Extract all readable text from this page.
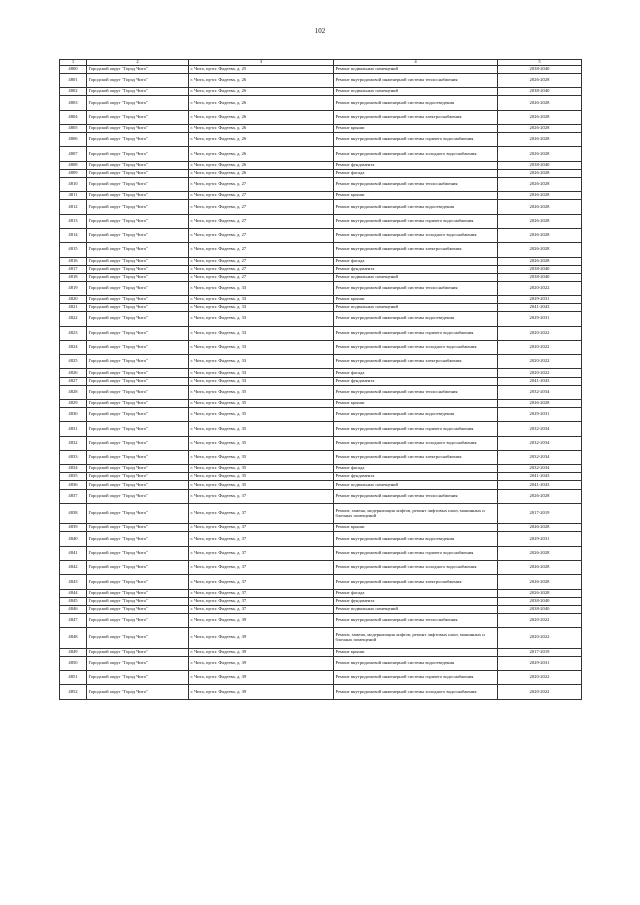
102
1	2	3	4	5
4800	Городской округ "Город Чита"	г. Чита, пр-кт. Фадеева, д. 25	Ремонт подвальных помещений	2038-2040
4801	Городской округ "Город Чита"	г. Чита, пр-кт. Фадеева, д. 26	Ремонт внутридомовой инженерной системы теплоснабжения	2026-2028
4802	Городской округ "Город Чита"	г. Чита, пр-кт. Фадеева, д. 26	Ремонт подвальных помещений	2038-2040
4803	Городской округ "Город Чита"	г. Чита, пр-кт. Фадеева, д. 26	Ремонт внутридомовой инженерной системы водоотведения	2026-2028
4804	Городской округ "Город Чита"	г. Чита, пр-кт. Фадеева, д. 26	Ремонт внутридомовой инженерной системы электроснабжения	2026-2028
4805	Городской округ "Город Чита"	г. Чита, пр-кт. Фадеева, д. 26	Ремонт крыши	2026-2028
4806	Городской округ "Город Чита"	г. Чита, пр-кт. Фадеева, д. 26	Ремонт внутридомовой инженерной системы горячего водоснабжения	2026-2028
4807	Городской округ "Город Чита"	г. Чита, пр-кт. Фадеева, д. 26	Ремонт внутридомовой инженерной системы холодного водоснабжения	2026-2028
4808	Городской округ "Город Чита"	г. Чита, пр-кт. Фадеева, д. 26	Ремонт фундамента	2038-2040
4809	Городской округ "Город Чита"	г. Чита, пр-кт. Фадеева, д. 26	Ремонт фасада	2026-2028
4810	Городской округ "Город Чита"	г. Чита, пр-кт. Фадеева, д. 27	Ремонт внутридомовой инженерной системы теплоснабжения	2026-2028
4811	Городской округ "Город Чита"	г. Чита, пр-кт. Фадеева, д. 27	Ремонт крыши	2026-2028
4812	Городской округ "Город Чита"	г. Чита, пр-кт. Фадеева, д. 27	Ремонт внутридомовой инженерной системы водоотведения	2026-2028
4813	Городской округ "Город Чита"	г. Чита, пр-кт. Фадеева, д. 27	Ремонт внутридомовой инженерной системы горячего водоснабжения	2026-2028
4814	Городской округ "Город Чита"	г. Чита, пр-кт. Фадеева, д. 27	Ремонт внутридомовой инженерной системы холодного водоснабжения	2026-2028
4815	Городской округ "Город Чита"	г. Чита, пр-кт. Фадеева, д. 27	Ремонт внутридомовой инженерной системы электроснабжения	2026-2028
4816	Городской округ "Город Чита"	г. Чита, пр-кт. Фадеева, д. 27	Ремонт фасада	2026-2028
4817	Городской округ "Город Чита"	г. Чита, пр-кт. Фадеева, д. 27	Ремонт фундамента	2038-2040
4818	Городской округ "Город Чита"	г. Чита, пр-кт. Фадеева, д. 27	Ремонт подвальных помещений	2038-2040
4819	Городской округ "Город Чита"	г. Чита, пр-кт. Фадеева, д. 33	Ремонт внутридомовой инженерной системы теплоснабжения	2020-2022
4820	Городской округ "Город Чита"	г. Чита, пр-кт. Фадеева, д. 33	Ремонт крыши	2029-2031
4821	Городской округ "Город Чита"	г. Чита, пр-кт. Фадеева, д. 33	Ремонт подвальных помещений	2041-2043
4822	Городской округ "Город Чита"	г. Чита, пр-кт. Фадеева, д. 33	Ремонт внутридомовой инженерной системы водоотведения	2029-2031
4823	Городской округ "Город Чита"	г. Чита, пр-кт. Фадеева, д. 33	Ремонт внутридомовой инженерной системы горячего водоснабжения	2020-2022
4824	Городской округ "Город Чита"	г. Чита, пр-кт. Фадеева, д. 33	Ремонт внутридомовой инженерной системы холодного водоснабжения	2020-2022
4825	Городской округ "Город Чита"	г. Чита, пр-кт. Фадеева, д. 33	Ремонт внутридомовой инженерной системы электроснабжения	2020-2022
4826	Городской округ "Город Чита"	г. Чита, пр-кт. Фадеева, д. 33	Ремонт фасада	2020-2022
4827	Городской округ "Город Чита"	г. Чита, пр-кт. Фадеева, д. 33	Ремонт фундамента	2041-2043
4828	Городской округ "Город Чита"	г. Чита, пр-кт. Фадеева, д. 35	Ремонт внутридомовой инженерной системы теплоснабжения	2032-2034
4829	Городской округ "Город Чита"	г. Чита, пр-кт. Фадеева, д. 35	Ремонт крыши	2026-2028
4830	Городской округ "Город Чита"	г. Чита, пр-кт. Фадеева, д. 35	Ремонт внутридомовой инженерной системы водоотведения	2029-2031
4831	Городской округ "Город Чита"	г. Чита, пр-кт. Фадеева, д. 35	Ремонт внутридомовой инженерной системы горячего водоснабжения	2032-2034
4832	Городской округ "Город Чита"	г. Чита, пр-кт. Фадеева, д. 35	Ремонт внутридомовой инженерной системы холодного водоснабжения	2032-2034
4833	Городской округ "Город Чита"	г. Чита, пр-кт. Фадеева, д. 35	Ремонт внутридомовой инженерной системы электроснабжения	2032-2034
4834	Городской округ "Город Чита"	г. Чита, пр-кт. Фадеева, д. 35	Ремонт фасада	2032-2034
4835	Городской округ "Город Чита"	г. Чита, пр-кт. Фадеева, д. 35	Ремонт фундамента	2041-2043
4836	Городской округ "Город Чита"	г. Чита, пр-кт. Фадеева, д. 35	Ремонт подвальных помещений	2041-2043
4837	Городской округ "Город Чита"	г. Чита, пр-кт. Фадеева, д. 37	Ремонт внутридомовой инженерной системы теплоснабжения	2026-2028
4838	Городской округ "Город Чита"	г. Чита, пр-кт. Фадеева, д. 37	Ремонт, замена, модернизация лифтов, ремонт лифтовых шахт, машинных и блочных помещений	2017-2019
4839	Городской округ "Город Чита"	г. Чита, пр-кт. Фадеева, д. 37	Ремонт крыши	2026-2028
4840	Городской округ "Город Чита"	г. Чита, пр-кт. Фадеева, д. 37	Ремонт внутридомовой инженерной системы водоотведения	2029-2031
4841	Городской округ "Город Чита"	г. Чита, пр-кт. Фадеева, д. 37	Ремонт внутридомовой инженерной системы горячего водоснабжения	2026-2028
4842	Городской округ "Город Чита"	г. Чита, пр-кт. Фадеева, д. 37	Ремонт внутридомовой инженерной системы холодного водоснабжения	2026-2028
4843	Городской округ "Город Чита"	г. Чита, пр-кт. Фадеева, д. 37	Ремонт внутридомовой инженерной системы электроснабжения	2026-2028
4844	Городской округ "Город Чита"	г. Чита, пр-кт. Фадеева, д. 37	Ремонт фасада	2026-2028
4845	Городской округ "Город Чита"	г. Чита, пр-кт. Фадеева, д. 37	Ремонт фундамента	2038-2040
4846	Городской округ "Город Чита"	г. Чита, пр-кт. Фадеева, д. 37	Ремонт подвальных помещений	2038-2040
4847	Городской округ "Город Чита"	г. Чита, пр-кт. Фадеева, д. 39	Ремонт внутридомовой инженерной системы теплоснабжения	2020-2022
4848	Городской округ "Город Чита"	г. Чита, пр-кт. Фадеева, д. 39	Ремонт, замена, модернизация лифтов, ремонт лифтовых шахт, машинных и блочных помещений	2020-2022
4849	Городской округ "Город Чита"	г. Чита, пр-кт. Фадеева, д. 39	Ремонт крыши	2017-2019
4850	Городской округ "Город Чита"	г. Чита, пр-кт. Фадеева, д. 39	Ремонт внутридомовой инженерной системы водоотведения	2029-2031
4851	Городской округ "Город Чита"	г. Чита, пр-кт. Фадеева, д. 39	Ремонт внутридомовой инженерной системы горячего водоснабжения	2020-2022
4852	Городской округ "Город Чита"	г. Чита, пр-кт. Фадеева, д. 39	Ремонт внутридомовой инженерной системы холодного водоснабжения	2020-2022
